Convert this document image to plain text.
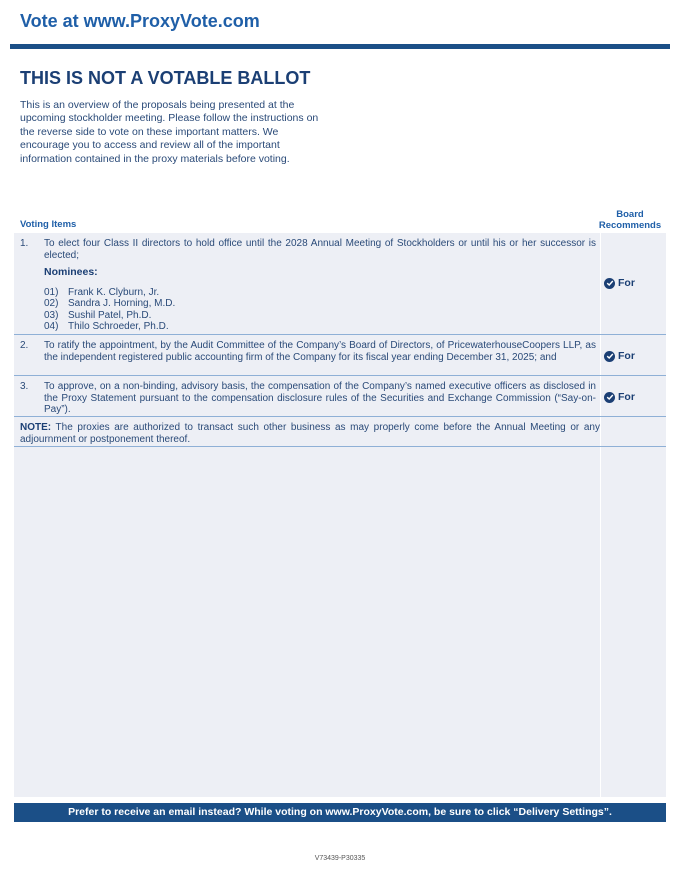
Vote at www.ProxyVote.com
THIS IS NOT A VOTABLE BALLOT
This is an overview of the proposals being presented at the upcoming stockholder meeting. Please follow the instructions on the reverse side to vote on these important matters. We encourage you to access and review all of the important information contained in the proxy materials before voting.
Voting Items
Board
Recommends
1. To elect four Class II directors to hold office until the 2028 Annual Meeting of Stockholders or until his or her successor is elected;
Nominees:
01) Frank K. Clyburn, Jr.
02) Sandra J. Horning, M.D.
03) Sushil Patel, Ph.D.
04) Thilo Schroeder, Ph.D.
For
2. To ratify the appointment, by the Audit Committee of the Company’s Board of Directors, of PricewaterhouseCoopers LLP, as the independent registered public accounting firm of the Company for its fiscal year ending December 31, 2025; and	For
3. To approve, on a non-binding, advisory basis, the compensation of the Company’s named executive officers as disclosed in the Proxy Statement pursuant to the compensation disclosure rules of the Securities and Exchange Commission (“Say-on-Pay”).
For
NOTE: The proxies are authorized to transact such other business as may properly come before the Annual Meeting or any adjournment or postponement thereof.
Prefer to receive an email instead? While voting on www.ProxyVote.com, be sure to click “Delivery Settings”.
V73439-P30335
